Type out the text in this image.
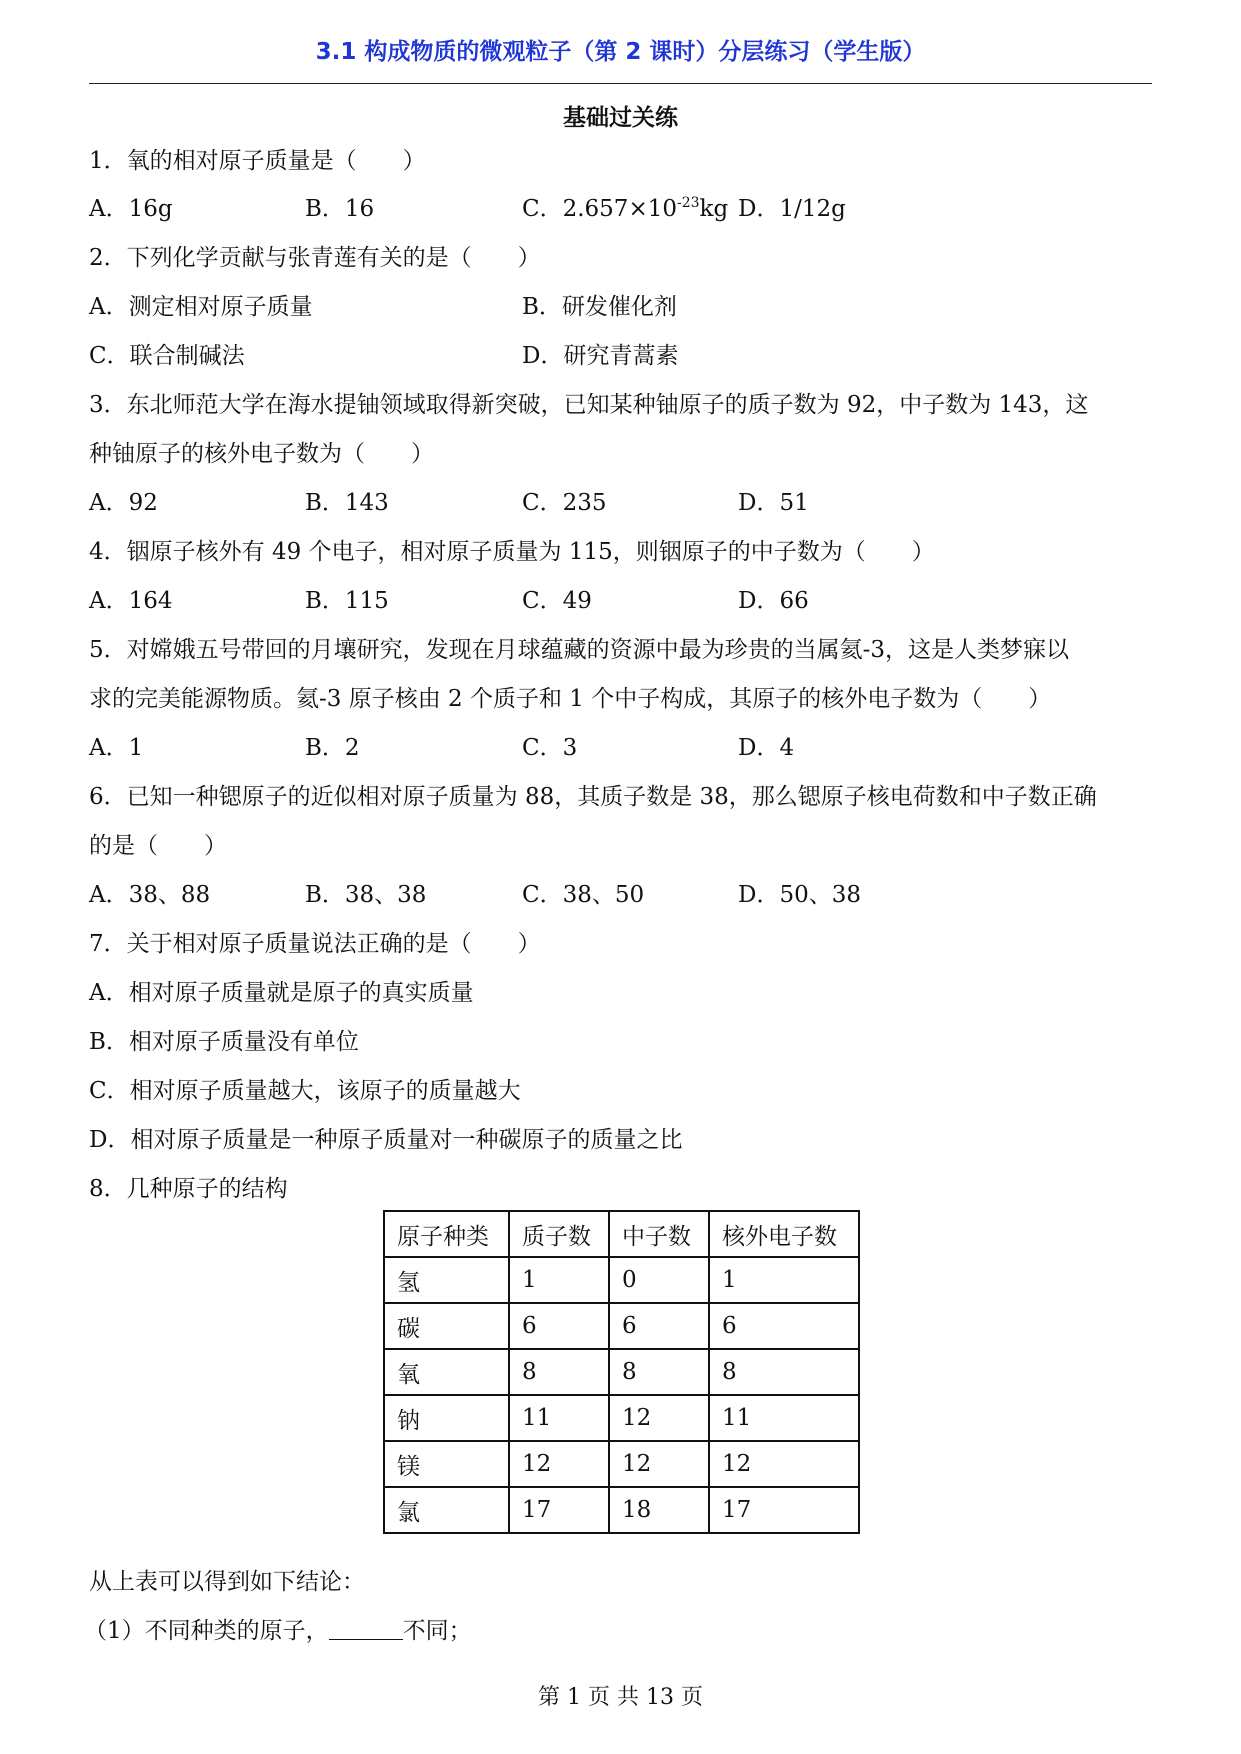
3.1 构成物质的微观粒子（第 2 课时）分层练习（学生版）
基础过关练
1．氧的相对原子质量是（　　）
A．16g	B．16	C．$2.657\times 10^{-23}kg$ D．1/12g
2．下列化学贡献与张青莲有关的是（　　）
A．测定相对原子质量	B．研发催化剂
C．联合制碱法	D．研究青蒿素
3．东北师范大学在海水提铀领域取得新突破，已知某种铀原子的质子数为 92，中子数为 143，这
种铀原子的核外电子数为（　　）
A．92	B．143	C．235	D．51
4．铟原子核外有 49 个电子，相对原子质量为 115，则铟原子的中子数为（　　）
A．164	B．115	C．49	D．66
5．对嫦娥五号带回的月壤研究，发现在月球蕴藏的资源中最为珍贵的当属氦-3，这是人类梦寐以
求的完美能源物质。氦-3 原子核由 2 个质子和 1 个中子构成，其原子的核外电子数为（　　）
A．1	B．2	C．3	D．4
6．已知一种锶原子的近似相对原子质量为 88，其质子数是 38，那么锶原子核电荷数和中子数正确
的是（　　）
A．38、88	B．38、38	C．38、50	D．50、38
7．关于相对原子质量说法正确的是（　　）
A．相对原子质量就是原子的真实质量
B．相对原子质量没有单位
C．相对原子质量越大，该原子的质量越大
D．相对原子质量是一种原子质量对一种碳原子的质量之比
8．几种原子的结构
原子种类	质子数	中子数	核外电子数
氢	1	0	1
碳	6	6	6
氧	8	8	8
钠	11	12	11
镁	12	12	12
氯	17	18	17
从上表可以得到如下结论：
（1）不同种类的原子，	不同；
第 1 页 共 13 页
